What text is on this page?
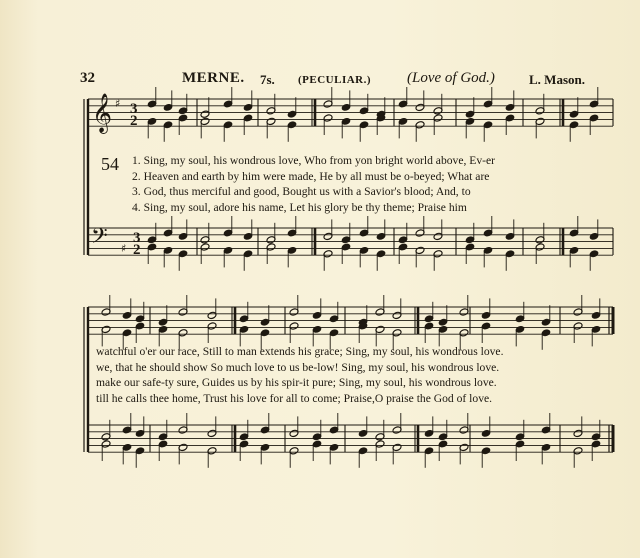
32	MERNE. 7s. (PECULIAR.) (Love of God.)	L. Mason.
𝄞
𝄢
♯
♯
3
2
3
2
54 1. Sing, my soul, his wondrous love, Who from yon bright world above, Ev-er
2. Heaven and earth by him were made, He by all must be o-beyed; What are
3. God, thus merciful and good, Bought us with a Savior's blood; And, to
4. Sing, my soul, adore his name, Let his glory be thy theme; Praise him
watchful o'er our race, Still to man extends his grace; Sing, my soul, his wondrous love.
we, that he should show So much love to us be-low! Sing, my soul, his wondrous love.
make our safe-ty sure, Guides us by his spir-it pure; Sing, my soul, his wondrous love.
till he calls thee home, Trust his love for all to come; Praise,O praise the God of love.
